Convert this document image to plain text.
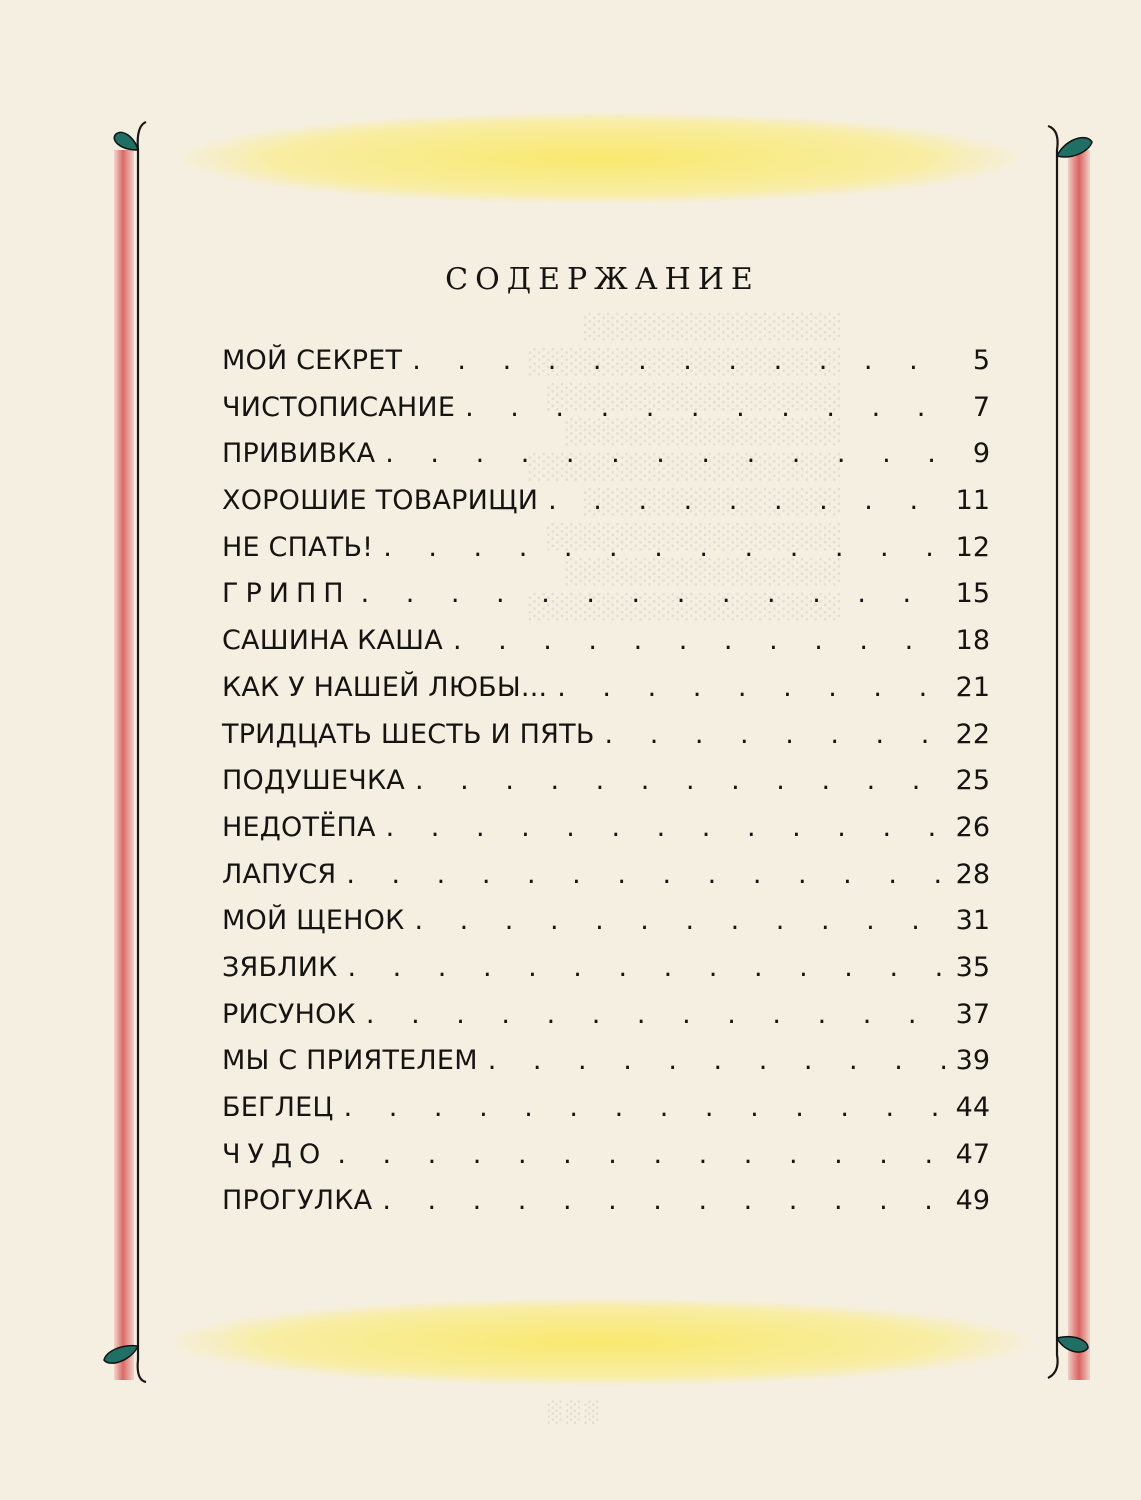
░░░░░░░░░░░░░░
░░░░░░░░░░░░░░░░░
░░░░░░░░░░░░░░░░
░░░░░░░░░░░░░░░
░░░░░░░░░░░░░░░░░
░░░░░░░░░░░░░░
░░░░░░░░░░░░░░░░
░░░░░░░░░░░░░░░
░░░░░░░░░░░░░░░░░
СОДЕРЖАНИЕ
МОЙ СЕКРЕТ . . .	5
ЧИСТОПИСАНИЕ . . .	7
ПРИВИВКА . . .	9
ХОРОШИЕ ТОВАРИЩИ . . .	11
НЕ СПАТЬ! . . .	12
ГРИПП . . .	15
САШИНА КАША . . .	18
КАК У НАШЕЙ ЛЮБЫ... . . .	21
ТРИДЦАТЬ ШЕСТЬ И ПЯТЬ . . .	22
ПОДУШЕЧКА . . .	25
НЕДОТЁПА . . .	26
ЛАПУСЯ . . .	28
МОЙ ЩЕНОК . . .	31
ЗЯБЛИК . . .	35
РИСУНОК . . .	37
МЫ С ПРИЯТЕЛЕМ . . .	39
БЕГЛЕЦ . . .	44
ЧУДО . . .	47
ПРОГУЛКА . . .	49
░░░
